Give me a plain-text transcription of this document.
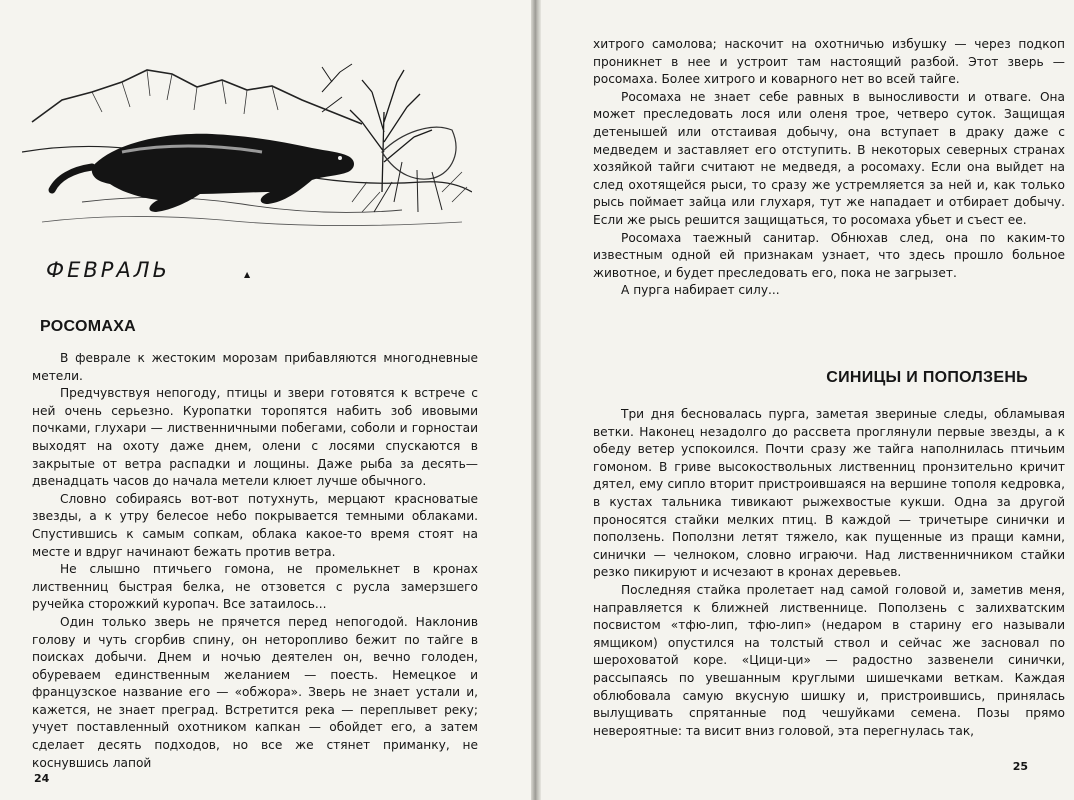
ФЕВРАЛЬ	▲
РОСОМАХА

В феврале к жестоким морозам прибавляются многодневные метели.

Предчувствуя непогоду, птицы и звери готовятся к встрече с ней очень серьезно. Куропатки торопятся набить зоб ивовыми почками, глухари — лиственничными побегами, соболи и горностаи выходят на охоту даже днем, олени с лосями спускаются в закрытые от ветра распадки и лощины. Даже рыба за десять—двенадцать часов до начала метели клюет лучше обычного.

Словно собираясь вот-вот потухнуть, мерцают красноватые звезды, а к утру белесое небо покрывается темными облаками. Спустившись к самым сопкам, облака какое-то время стоят на месте и вдруг начинают бежать против ветра.

Не слышно птичьего гомона, не промелькнет в кронах лиственниц быстрая белка, не отзовется с русла замерзшего ручейка сторожкий куропач. Все затаилось...

Один только зверь не прячется перед непогодой. Наклонив голову и чуть сгорбив спину, он неторопливо бежит по тайге в поисках добычи. Днем и ночью деятелен он, вечно голоден, обуреваем единственным желанием — поесть. Немецкое и французское название его — «обжора». Зверь не знает устали и, кажется, не знает преград. Встретится река — переплывет реку; учует поставленный охотником капкан — обойдет его, а затем сделает десять подходов, но все же стянет приманку, не коснувшись лапой

24

хитрого самолова; наскочит на охотничью избушку — через подкоп проникнет в нее и устроит там настоящий разбой. Этот зверь — росомаха. Более хитрого и коварного нет во всей тайге.

Росомаха не знает себе равных в выносливости и отваге. Она может преследовать лося или оленя трое, четверо суток. Защищая детенышей или отстаивая добычу, она вступает в драку даже с медведем и заставляет его отступить. В некоторых северных странах хозяйкой тайги считают не медведя, а росомаху. Если она выйдет на след охотящейся рыси, то сразу же устремляется за ней и, как только рысь поймает зайца или глухаря, тут же нападает и отбирает добычу. Если же рысь решится защищаться, то росомаха убьет и съест ее.

Росомаха таежный санитар. Обнюхав след, она по каким-то известным одной ей признакам узнает, что здесь прошло больное животное, и будет преследовать его, пока не загрызет.

А пурга набирает силу...

СИНИЦЫ И ПОПОЛЗЕНЬ

Три дня бесновалась пурга, заметая звериные следы, обламывая ветки. Наконец незадолго до рассвета проглянули первые звезды, а к обеду ветер успокоился. Почти сразу же тайга наполнилась птичьим гомоном. В гриве высокоствольных лиственниц пронзительно кричит дятел, ему сипло вторит пристроившаяся на вершине тополя кедровка, в кустах тальника тивикают рыжехвостые кукши. Одна за другой проносятся стайки мелких птиц. В каждой — тричетыре синички и поползень. Поползни летят тяжело, как пущенные из пращи камни, синички — челноком, словно играючи. Над лиственничником стайки резко пикируют и исчезают в кронах деревьев.

Последняя стайка пролетает над самой головой и, заметив меня, направляется к ближней лиственнице. Поползень с залихватским посвистом «тфю-лип, тфю-лип» (недаром в старину его называли ямщиком) опустился на толстый ствол и сейчас же засновал по шероховатой коре. «Цици-ци» — радостно зазвенели синички, рассыпаясь по увешанным круглыми шишечками веткам. Каждая облюбовала самую вкусную шишку и, пристроившись, принялась вылущивать спрятанные под чешуйками семена. Позы прямо невероятные: та висит вниз головой, эта перегнулась так,

25
